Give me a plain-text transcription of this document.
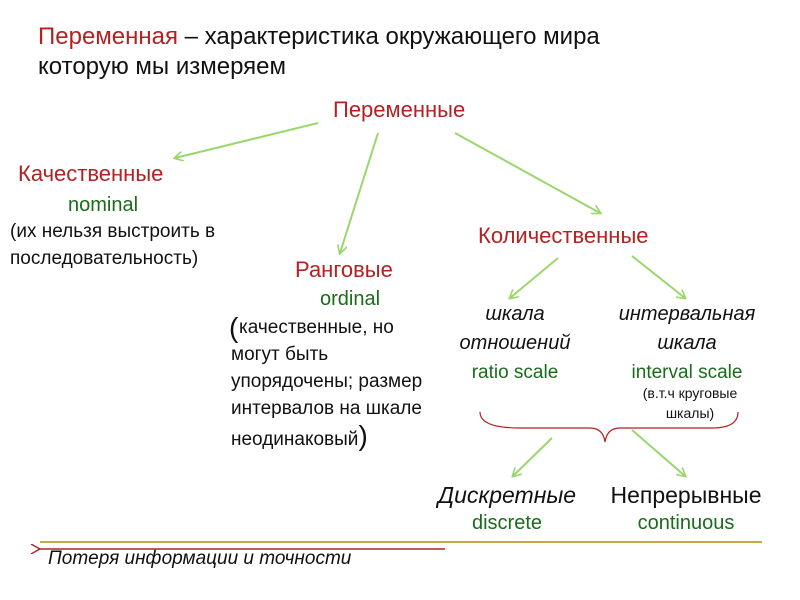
Переменная – характеристика окружающего мира
которую мы измеряем
Переменные
Качественные
nominal
(их нельзя выстроить в
последовательность)	Ранговые
ordinal
( качественные, но
могут быть
упорядочены; размер
интервалов на шкале
неодинаковый)
Количественные
шкала
отношений
ratio scale
интервальная
шкала
interval scale
(в.т.ч круговые
шкалы)
Дискретные
discrete
Непрерывные
continuous
Потеря информации и точности
